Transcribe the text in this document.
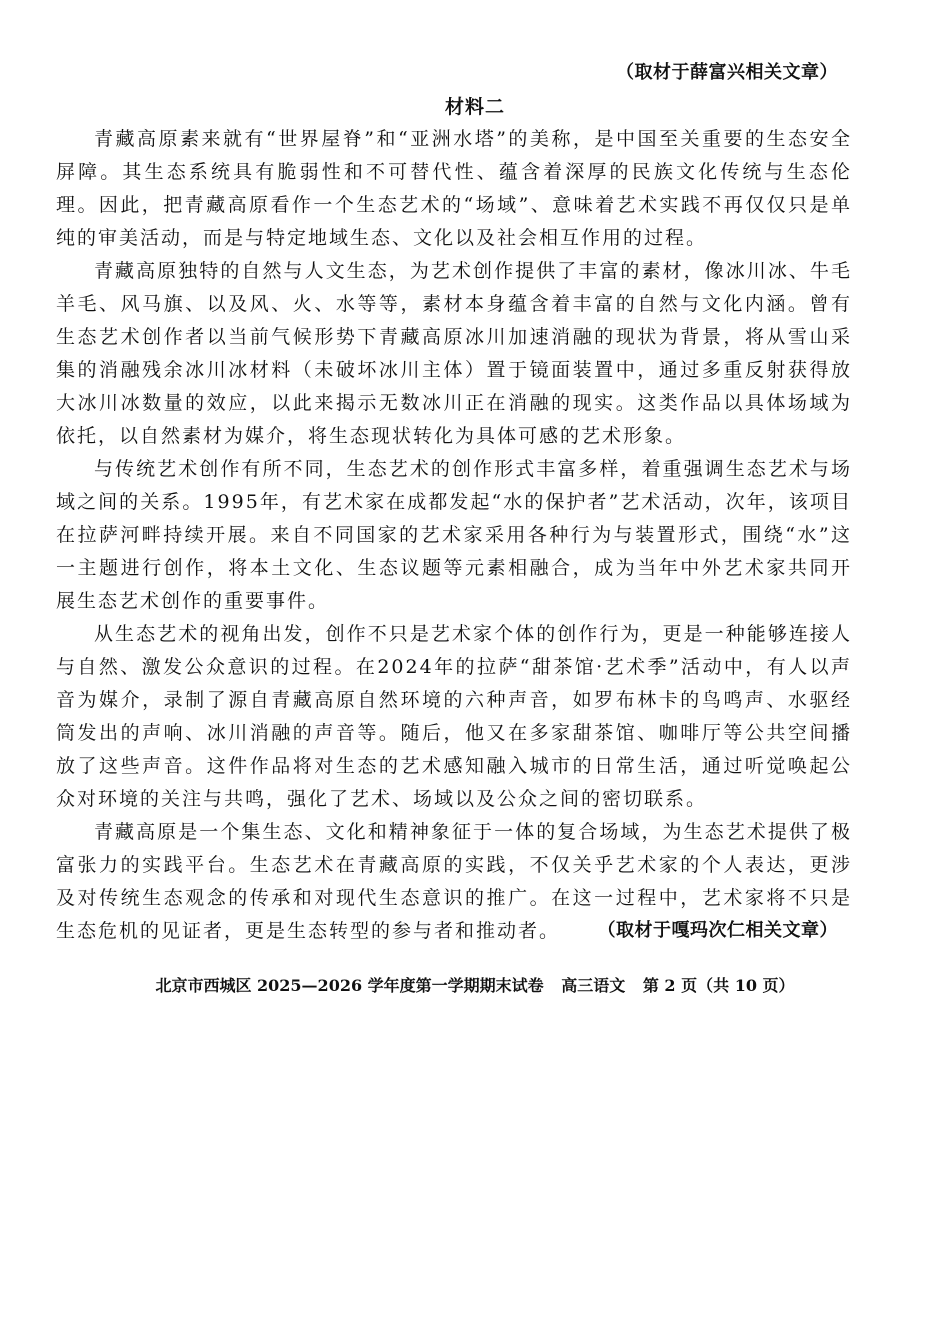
（取材于薛富兴相关文章）
材料二

青藏高原素来就有“世界屋脊”和“亚洲水塔”的美称，是中国至关重要的生态安全屏障。其生态系统具有脆弱性和不可替代性、蕴含着深厚的民族文化传统与生态伦理。因此，把青藏高原看作一个生态艺术的“场域”、意味着艺术实践不再仅仅只是单纯的审美活动，而是与特定地域生态、文化以及社会相互作用的过程。

青藏高原独特的自然与人文生态，为艺术创作提供了丰富的素材，像冰川冰、牛毛羊毛、风马旗、以及风、火、水等等，素材本身蕴含着丰富的自然与文化内涵。曾有生态艺术创作者以当前气候形势下青藏高原冰川加速消融的现状为背景，将从雪山采集的消融残余冰川冰材料（未破坏冰川主体）置于镜面装置中，通过多重反射获得放大冰川冰数量的效应，以此来揭示无数冰川正在消融的现实。这类作品以具体场域为依托，以自然素材为媒介，将生态现状转化为具体可感的艺术形象。

与传统艺术创作有所不同，生态艺术的创作形式丰富多样，着重强调生态艺术与场域之间的关系。1995年，有艺术家在成都发起“水的保护者”艺术活动，次年，该项目在拉萨河畔持续开展。来自不同国家的艺术家采用各种行为与装置形式，围绕“水”这一主题进行创作，将本土文化、生态议题等元素相融合，成为当年中外艺术家共同开展生态艺术创作的重要事件。

从生态艺术的视角出发，创作不只是艺术家个体的创作行为，更是一种能够连接人与自然、激发公众意识的过程。在2024年的拉萨“甜茶馆·艺术季”活动中，有人以声音为媒介，录制了源自青藏高原自然环境的六种声音，如罗布林卡的鸟鸣声、水驱经筒发出的声响、冰川消融的声音等。随后，他又在多家甜茶馆、咖啡厅等公共空间播放了这些声音。这件作品将对生态的艺术感知融入城市的日常生活，通过听觉唤起公众对环境的关注与共鸣，强化了艺术、场域以及公众之间的密切联系。

青藏高原是一个集生态、文化和精神象征于一体的复合场域，为生态艺术提供了极富张力的实践平台。生态艺术在青藏高原的实践，不仅关乎艺术家的个人表达，更涉及对传统生态观念的传承和对现代生态意识的推广。在这一过程中，艺术家将不只是生态危机的见证者，更是生态转型的参与者和推动者。	（取材于嘎玛次仁相关文章）
北京市西城区 2025—2026 学年度第一学期期末试卷 高三语文 第 2 页（共 10 页）
